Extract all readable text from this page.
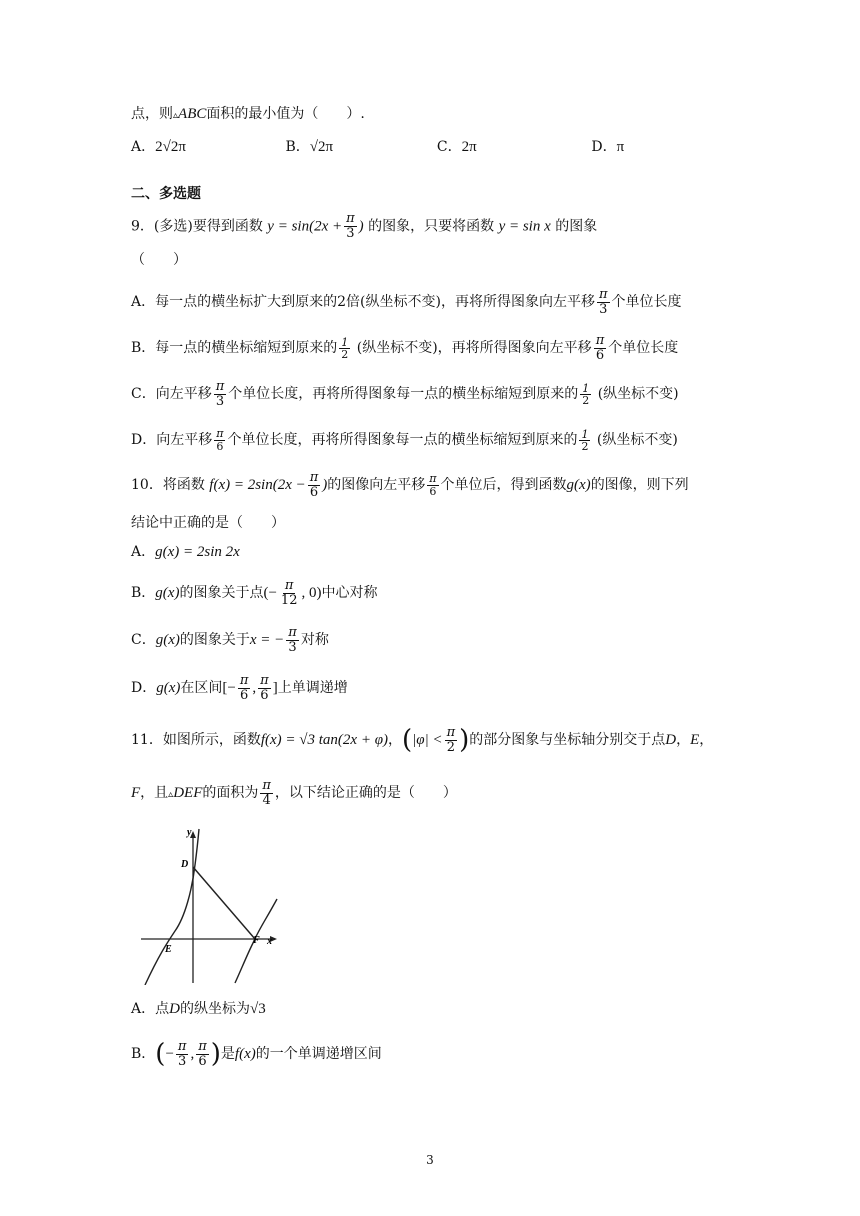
点，则▵ABC面积的最小值为（　　）.
A．2√2π	B．√2π	C．2π	D．π
二、多选题
9．(多选)要得到函数 $y = \sin(2x + \frac{\pi}{3}$ ) 的图象，只要将函数 y = sin x 的图象
（　　）
A．每一点的横坐标扩大到原来的2倍(纵坐标不变)，再将所得图象向左平移 $\frac{\pi}{3}$ 个单位长度
B．每一点的横坐标缩短到原来的 $\frac{1}{2}$ (纵坐标不变)，再将所得图象向左平移 $\frac{\pi}{6}$ 个单位长度
C．向左平移 $\frac{\pi}{3}$ 个单位长度，再将所得图象每一点的横坐标缩短到原来的 $\frac{1}{2}$ (纵坐标不变)
D．向左平移 $\frac{\pi}{6}$ 个单位长度，再将所得图象每一点的横坐标缩短到原来的 $\frac{1}{2}$ (纵坐标不变)
10．将函数 $f(x) = 2\sin(2x - \frac{\pi}{6}$ )的图像向左平移 $\frac{\pi}{6}$ 个单位后，得到函数g(x)的图像，则下列
结论中正确的是（　　）
A．g(x) = 2sin 2x
B．g(x)的图象关于点(− $\frac{\pi}{12}$ , 0)中心对称
C．g(x)的图象关于x = − $\frac{\pi}{3}$ 对称
D．g(x)在区间[− $\frac{\pi}{6}$ , $\frac{\pi}{6}$ ]上单调递增
11．如图所示，函数f(x) = √3 tan(2x + φ)，($|\varphi| < \frac{\pi}{2}$ )的部分图象与坐标轴分别交于点D，E，
F，且▵DEF的面积为 $\frac{\pi}{4}$ ，以下结论正确的是（　　）
y
D
E
F x
A．点D的纵坐标为√3
B．(− $\frac{\pi}{3}$ , $\frac{\pi}{6}$ )是f(x)的一个单调递增区间
3
